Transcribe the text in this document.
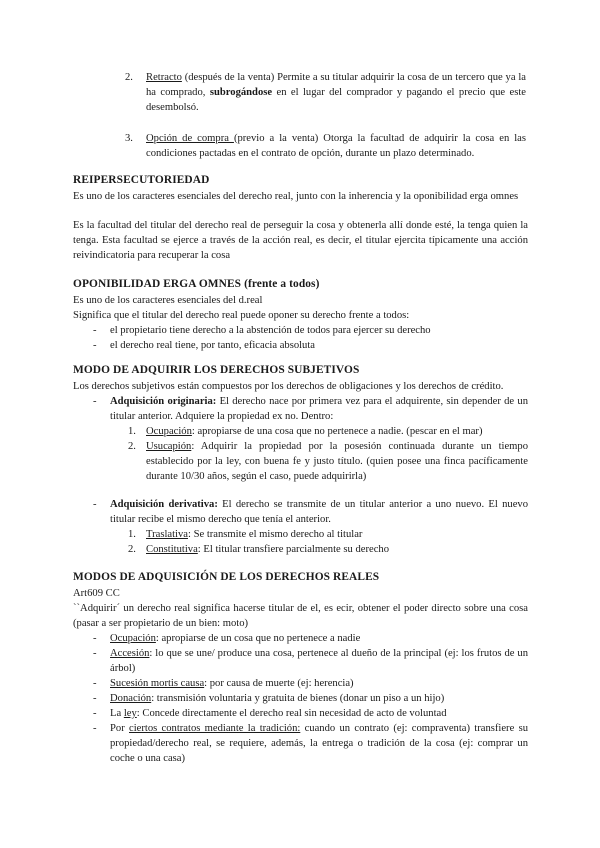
2. Retracto (después de la venta) Permite a su titular adquirir la cosa de un tercero que ya la ha comprado, subrogándose en el lugar del comprador y pagando el precio que este desembolsó.

3. Opción de compra (previo a la venta) Otorga la facultad de adquirir la cosa en las condiciones pactadas en el contrato de opción, durante un plazo determinado.

REIPERSECUTORIEDAD

Es uno de los caracteres esenciales del derecho real, junto con la inherencia y la oponibilidad erga omnes

Es la facultad del titular del derecho real de perseguir la cosa y obtenerla allí donde esté, la tenga quien la tenga. Esta facultad se ejerce a través de la acción real, es decir, el titular ejercita típicamente una acción reivindicatoria para recuperar la cosa

OPONIBILIDAD ERGA OMNES (frente a todos)

Es uno de los caracteres esenciales del d.real

Significa que el titular del derecho real puede oponer su derecho frente a todos:

- el propietario tiene derecho a la abstención de todos para ejercer su derecho

- el derecho real tiene, por tanto, eficacia absoluta

MODO DE ADQUIRIR LOS DERECHOS SUBJETIVOS

Los derechos subjetivos están compuestos por los derechos de obligaciones y los derechos de crédito.

- Adquisición originaria: El derecho nace por primera vez para el adquirente, sin depender de un titular anterior. Adquiere la propiedad ex no. Dentro:

1. Ocupación: apropiarse de una cosa que no pertenece a nadie. (pescar en el mar)

2. Usucapión: Adquirir la propiedad por la posesión continuada durante un tiempo establecido por la ley, con buena fe y justo título. (quien posee una finca pacíficamente durante 10/30 años, según el caso, puede adquirirla)

- Adquisición derivativa: El derecho se transmite de un titular anterior a uno nuevo. El nuevo titular recibe el mismo derecho que tenía el anterior.

1. Traslativa: Se transmite el mismo derecho al titular

2. Constitutiva: El titular transfiere parcialmente su derecho

MODOS DE ADQUISICIÓN DE LOS DERECHOS REALES

Art609 CC

``Adquirir´ un derecho real significa hacerse titular de el, es ecir, obtener el poder directo sobre una cosa (pasar a ser propietario de un bien: moto)

- Ocupación: apropiarse de un cosa que no pertenece a nadie

- Accesión: lo que se une/ produce una cosa, pertenece al dueño de la principal (ej: los frutos de un árbol)

- Sucesión mortis causa: por causa de muerte (ej: herencia)

- Donación: transmisión voluntaria y gratuita de bienes (donar un piso a un hijo)

- La ley: Concede directamente el derecho real sin necesidad de acto de voluntad

- Por ciertos contratos mediante la tradición: cuando un contrato (ej: compraventa) transfiere su propiedad/derecho real, se requiere, además, la entrega o tradición de la cosa (ej: comprar un coche o una casa)
